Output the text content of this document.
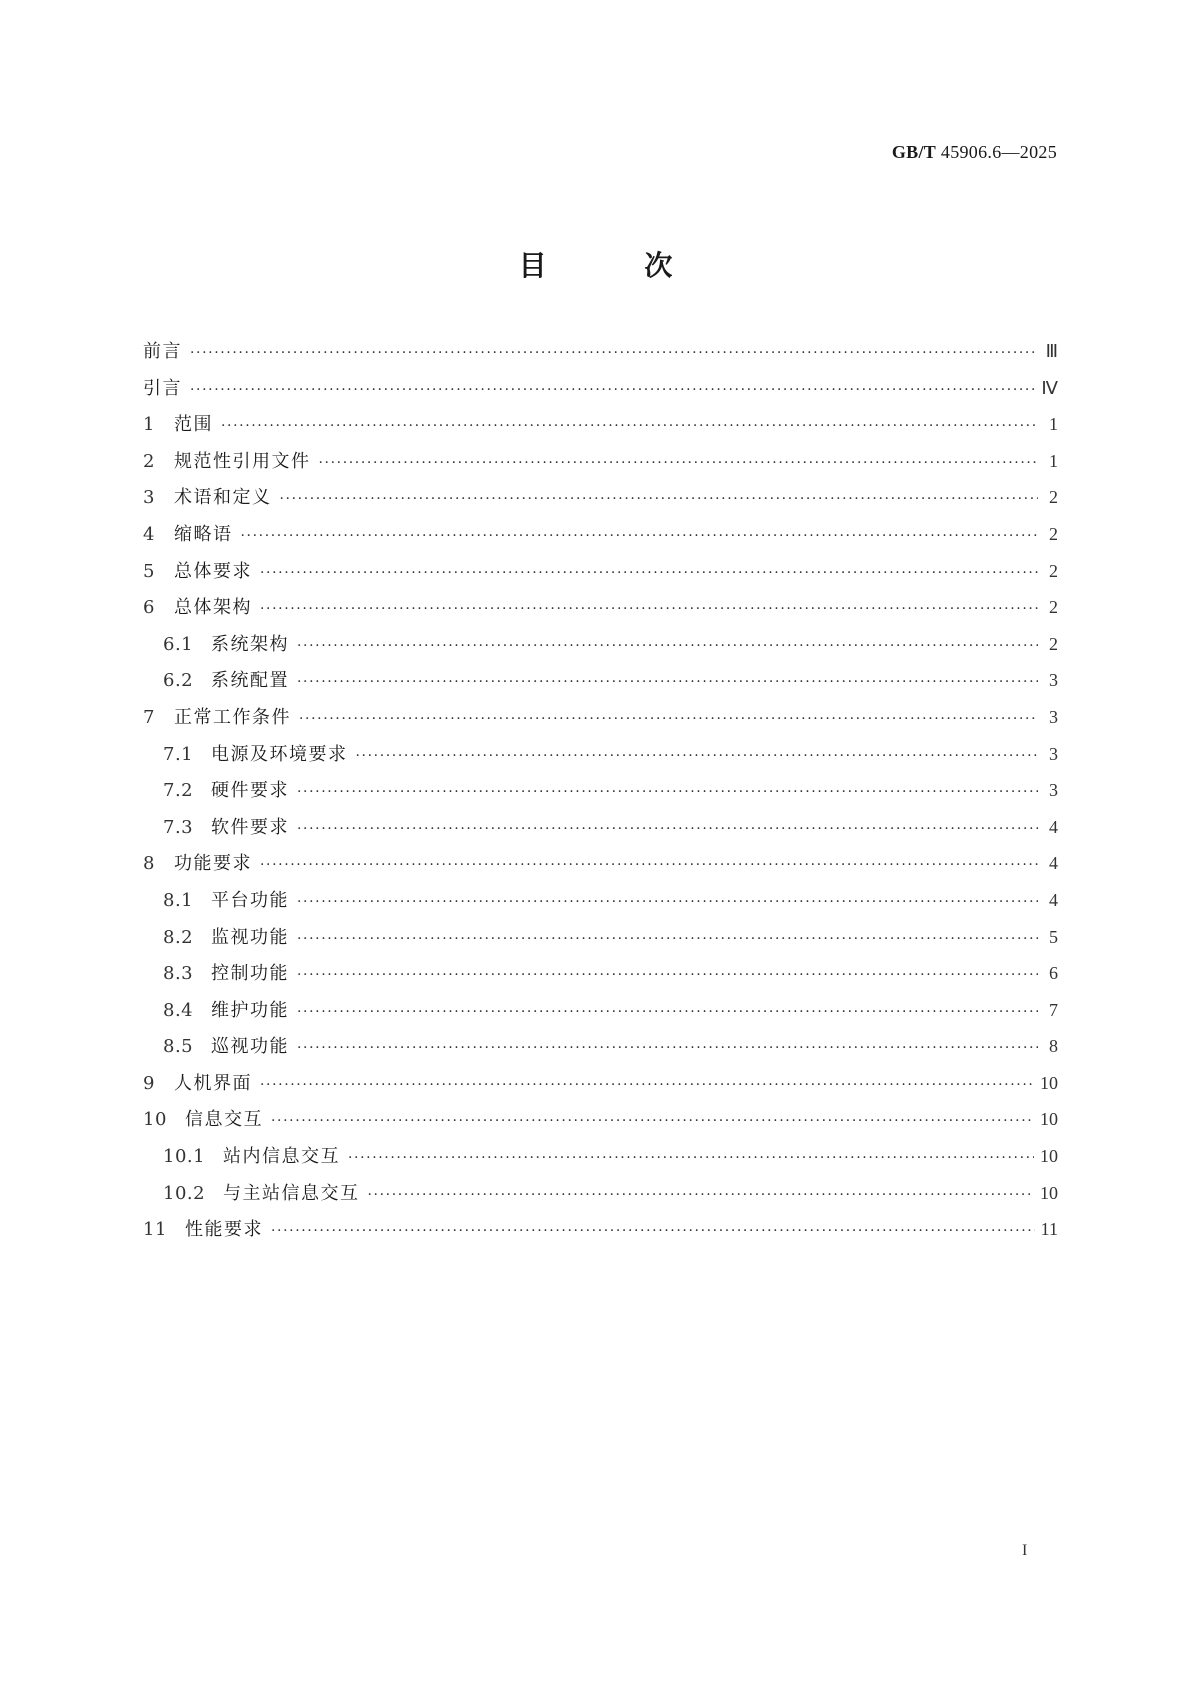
GB/T 45906.6—2025
目 次
前言 ·····	Ⅲ
引言 ·····	Ⅳ
1	范围 ·····	1
2	规范性引用文件 ·····	1
3	术语和定义 ·····	2
4	缩略语 ·····	2
5	总体要求 ·····	2
6	总体架构 ·····	2
6.1 系统架构 ·····	2
6.2 系统配置 ·····	3
7	正常工作条件 ·····	3
7.1 电源及环境要求 ·····	3
7.2 硬件要求 ·····	3
7.3 软件要求 ·····	4
8	功能要求 ·····	4
8.1 平台功能 ·····	4
8.2 监视功能 ·····	5
8.3 控制功能 ·····	6
8.4 维护功能 ·····	7
8.5 巡视功能 ·····	8
9	人机界面 ·····	10
10	信息交互 ·····	10
10.1 站内信息交互 ·····	10
10.2 与主站信息交互 ·····	10
11	性能要求 ·····	11
I
